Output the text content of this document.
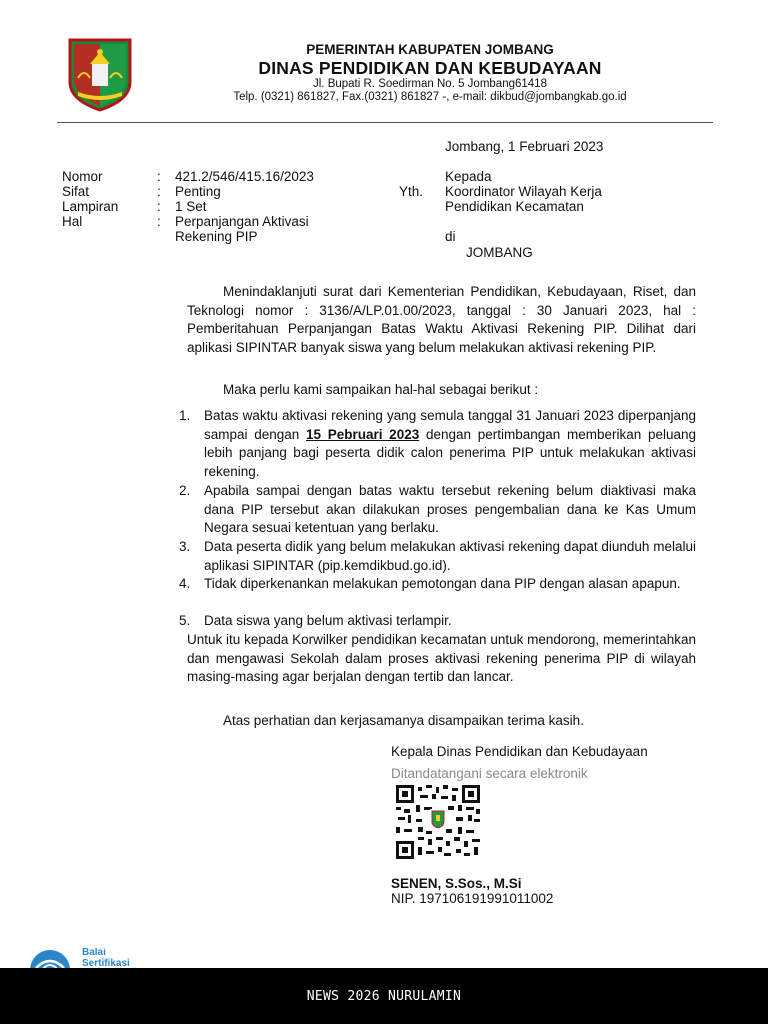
PEMERINTAH KABUPATEN JOMBANG
DINAS PENDIDIKAN DAN KEBUDAYAAN
Jl. Bupati R. Soedirman No. 5 Jombang61418
Telp. (0321) 861827, Fax.(0321) 861827 -, e-mail: dikbud@jombangkab.go.id
Jombang, 1 Februari 2023
Nomor	: 421.2/546/415.16/2023
Sifat	: Penting
Lampiran	: 1 Set
Hal	: Perpanjangan Aktivasi
Rekening PIP
Kepada
Yth. Koordinator Wilayah Kerja
Pendidikan Kecamatan
di
JOMBANG
Menindaklanjuti surat dari Kementerian Pendidikan, Kebudayaan, Riset, dan Teknologi nomor : 3136/A/LP.01.00/2023, tanggal : 30 Januari 2023, hal : Pemberitahuan Perpanjangan Batas Waktu Aktivasi Rekening PIP. Dilihat dari aplikasi SIPINTAR banyak siswa yang belum melakukan aktivasi rekening PIP.
Maka perlu kami sampaikan hal-hal sebagai berikut :
1. Batas waktu aktivasi rekening yang semula tanggal 31 Januari 2023 diperpanjang sampai dengan 15 Pebruari 2023 dengan pertimbangan memberikan peluang lebih panjang bagi peserta didik calon penerima PIP untuk melakukan aktivasi rekening.
2. Apabila sampai dengan batas waktu tersebut rekening belum diaktivasi maka dana PIP tersebut akan dilakukan proses pengembalian dana ke Kas Umum Negara sesuai ketentuan yang berlaku.
3. Data peserta didik yang belum melakukan aktivasi rekening dapat diunduh melalui aplikasi SIPINTAR (pip.kemdikbud.go.id).
4. Tidak diperkenankan melakukan pemotongan dana PIP dengan alasan apapun.
5. Data siswa yang belum aktivasi terlampir.
Untuk itu kepada Korwilker pendidikan kecamatan untuk mendorong, memerintahkan dan mengawasi Sekolah dalam proses aktivasi rekening penerima PIP di wilayah masing-masing agar berjalan dengan tertib dan lancar.
Atas perhatian dan kerjasamanya disampaikan terima kasih.
Kepala Dinas Pendidikan dan Kebudayaan
Ditandatangani secara elektronik
SENEN, S.Sos., M.Si
NIP. 197106191991011002
Balai
Sertifikasi
NEWS 2026 NURULAMIN
